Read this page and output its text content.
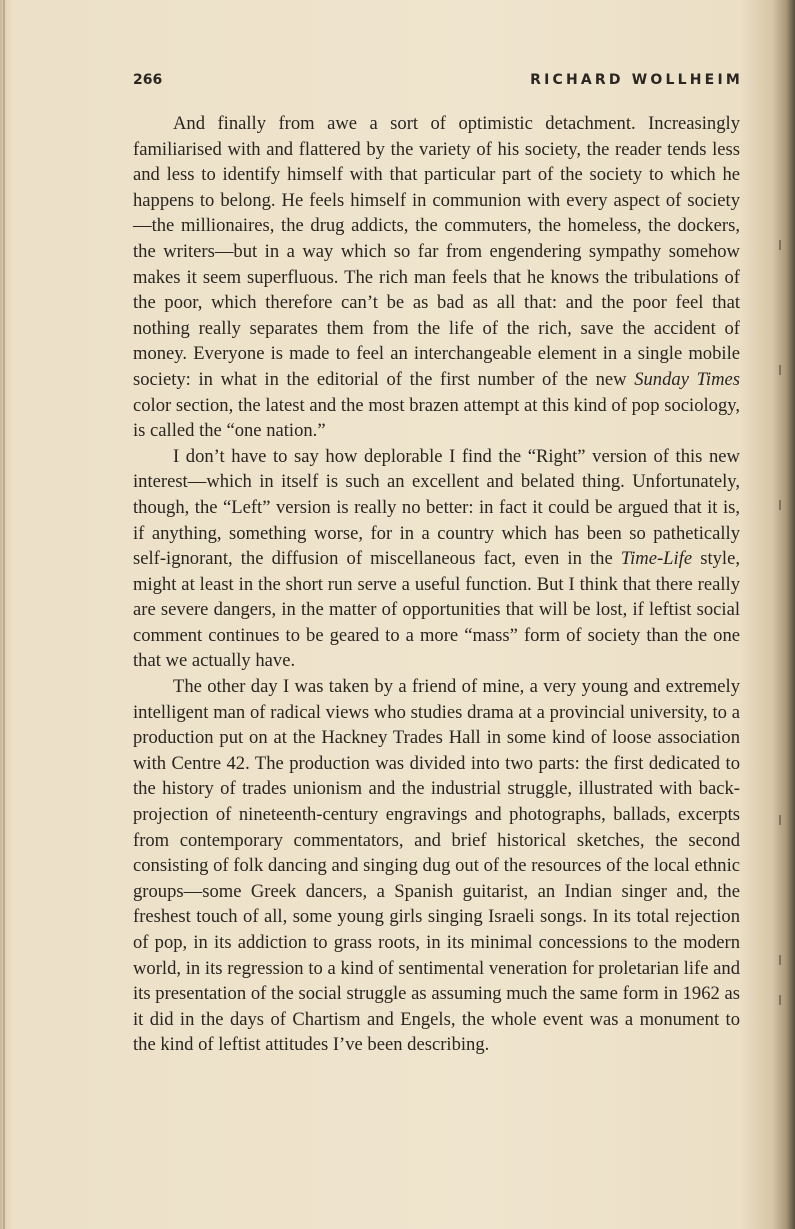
266	RICHARD WOLLHEIM

And finally from awe a sort of optimistic detachment. Increasingly familiarised with and flattered by the variety of his society, the reader tends less and less to identify himself with that particular part of the society to which he happens to belong. He feels himself in communion with every aspect of society—the millionaires, the drug addicts, the commuters, the homeless, the dockers, the writers—but in a way which so far from engendering sympathy somehow makes it seem superfluous. The rich man feels that he knows the tribulations of the poor, which therefore can’t be as bad as all that: and the poor feel that nothing really separates them from the life of the rich, save the accident of money. Everyone is made to feel an interchangeable element in a single mobile society: in what in the editorial of the first number of the new Sunday Times color section, the latest and the most brazen attempt at this kind of pop sociology, is called the “one nation.”

I don’t have to say how deplorable I find the “Right” version of this new interest—which in itself is such an excellent and belated thing. Unfortunately, though, the “Left” version is really no better: in fact it could be argued that it is, if anything, something worse, for in a country which has been so pathetically self-ignorant, the diffusion of miscellaneous fact, even in the Time-Life style, might at least in the short run serve a useful function. But I think that there really are severe dangers, in the matter of opportunities that will be lost, if leftist social comment continues to be geared to a more “mass” form of society than the one that we actually have.

The other day I was taken by a friend of mine, a very young and extremely intelligent man of radical views who studies drama at a provincial university, to a production put on at the Hackney Trades Hall in some kind of loose association with Centre 42. The production was divided into two parts: the first dedicated to the history of trades unionism and the industrial struggle, illustrated with back-projection of nineteenth-century engravings and photographs, ballads, excerpts from contemporary commentators, and brief historical sketches, the second consisting of folk dancing and singing dug out of the resources of the local ethnic groups—some Greek dancers, a Spanish guitarist, an Indian singer and, the freshest touch of all, some young girls singing Israeli songs. In its total rejection of pop, in its addiction to grass roots, in its minimal concessions to the modern world, in its regression to a kind of sentimental veneration for proletarian life and its presentation of the social struggle as assuming much the same form in 1962 as it did in the days of Chartism and Engels, the whole event was a monument to the kind of leftist attitudes I’ve been describing.
